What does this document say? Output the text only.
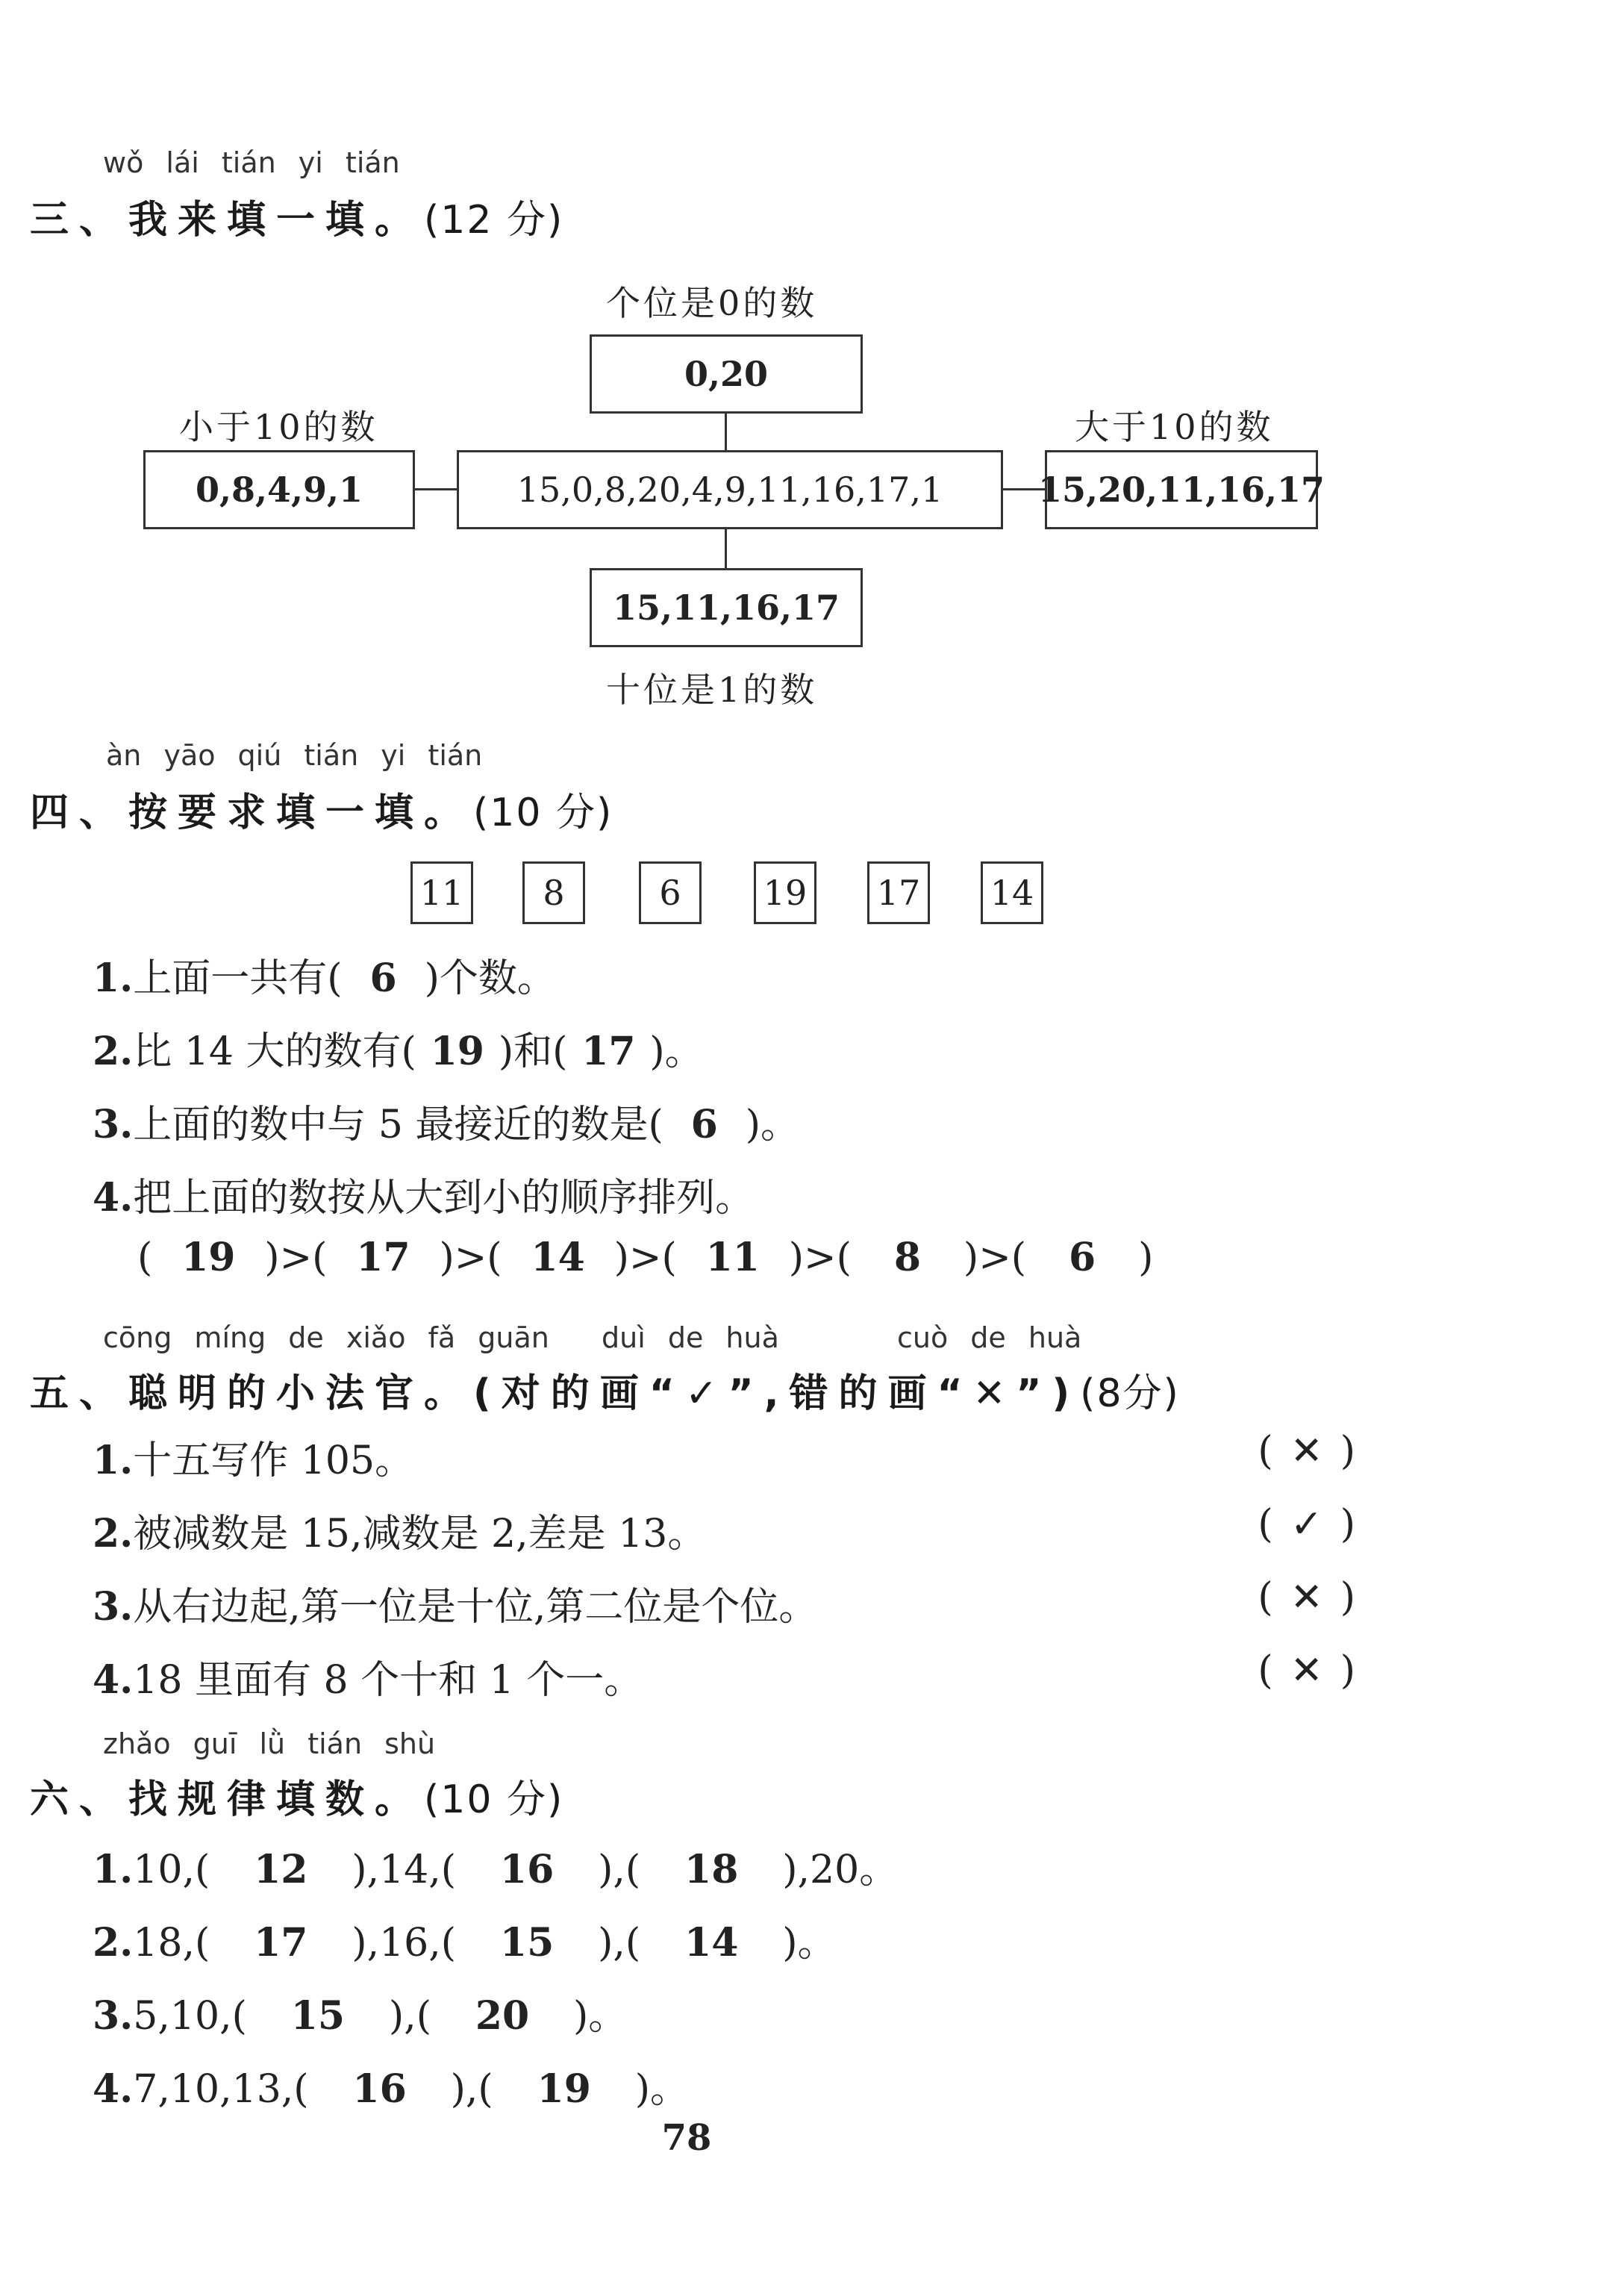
wǒ lái tián yi tián
三、我来填一填。(12 分)
个位是0的数
0,20
小于10的数
0,8,4,9,1	15,0,8,20,4,9,11,16,17,1
大于10的数
15,20,11,16,17
15,11,16,17
十位是1的数
àn yāo qiú tián yi tián
四、按要求填一填。(10 分)
11 8	6 19 17 14
1.上面一共有( 6 )个数。
2.比 14 大的数有( 19 )和( 17 )。
3.上面的数中与 5 最接近的数是( 6 )。
4.把上面的数按从大到小的顺序排列。
( 19 )>( 17 )>( 14 )>( 11 )>( 8 )>( 6 )
cōng míng de xiǎo fǎ guān duì de huà	cuò de huà
五、聪明的小法官。(对的画“✓”,错的画“✕”)(8分)
1.十五写作 105。	( ✕ )
2.被减数是 15,减数是 2,差是 13。	( ✓ )
3.从右边起,第一位是十位,第二位是个位。	( ✕ )
4.18 里面有 8 个十和 1 个一。	( ✕ )
zhǎo guī lǜ tián shù
六、找规律填数。(10 分)
1.10,( 12 ),14,( 16 ),( 18 ),20。
2.18,( 17 ),16,( 15 ),( 14 )。
3.5,10,( 15 ),( 20 )。
4.7,10,13,( 16 ),( 19 )。
78
